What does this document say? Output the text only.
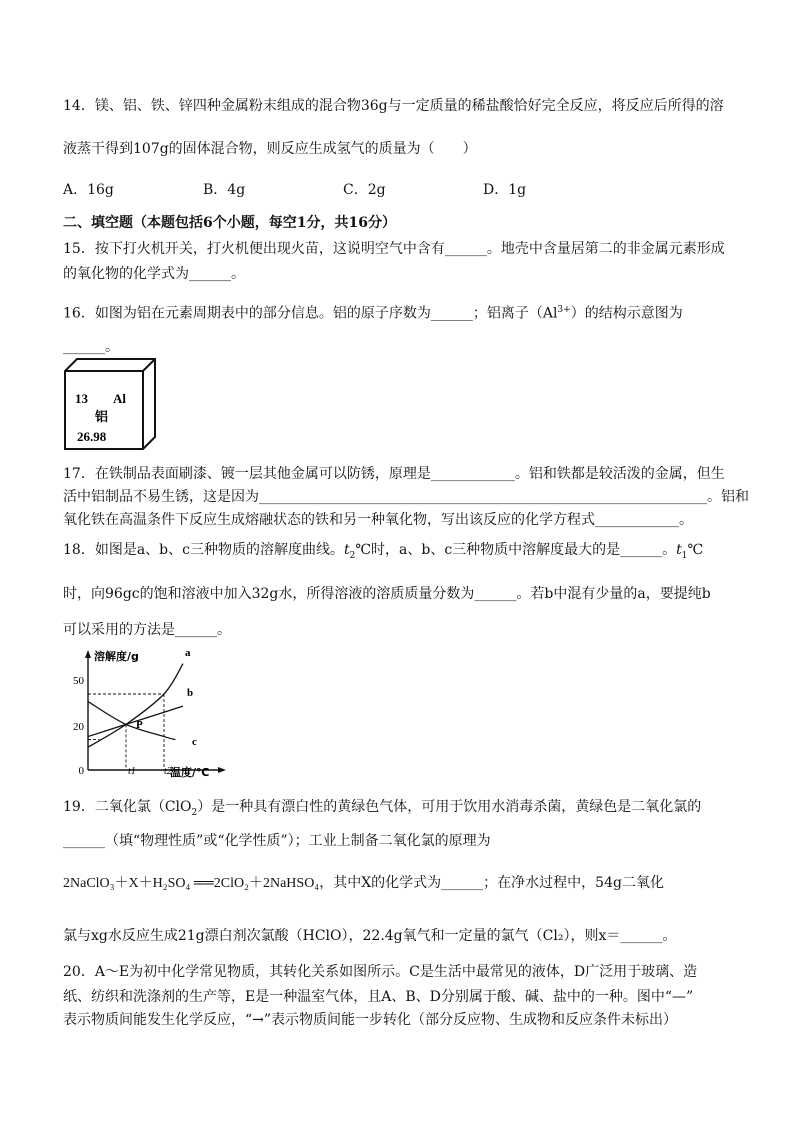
14．镁、铝、铁、锌四种金属粉末组成的混合物36g与一定质量的稀盐酸恰好完全反应，将反应后所得的溶
液蒸干得到107g的固体混合物，则反应生成氢气的质量为（　　）
A．16g	B．4g	C．2g	D．1g
二、填空题（本题包括6个小题，每空1分，共16分）
15．按下打火机开关，打火机便出现火苗，这说明空气中含有______。地壳中含量居第二的非金属元素形成
的氧化物的化学式为______。
16．如图为铝在元素周期表中的部分信息。铝的原子序数为______；铝离子$(Al^{3+})$的结构示意图为
______。
13 Al
铝
26.98
17．在铁制品表面刷漆、镀一层其他金属可以防锈，原理是____________。铝和铁都是较活泼的金属，但生
活中铝制品不易生锈，这是因为________________________________________________________________。铝和
氧化铁在高温条件下反应生成熔融状态的铁和另一种氧化物，写出该反应的化学方程式____________。
18．如图是a、b、c三种物质的溶解度曲线。$t_2℃$时，a、b、c三种物质中溶解度最大的是______。$t_1℃$
时，向96gc的饱和溶液中加入32g水，所得溶液的溶质质量分数为______。若b中混有少量的a，要提纯b
可以采用的方法是______。
溶解度/g
温度/℃
0
50
20
t1	t2
P
a
b
c
19．二氧化氯（ClO$_2$）是一种具有漂白性的黄绿色气体，可用于饮用水消毒杀菌，黄绿色是二氧化氯的
______（填“物理性质”或“化学性质”）；工业上制备二氧化氯的原理为
2NaClO₃＋X＋H₂SO₄ ══2ClO₂＋2NaHSO₄，其中X的化学式为______；在净水过程中，54g二氧化
氯与xg水反应生成21g漂白剂次氯酸（HClO），22.4g氧气和一定量的氯气（Cl₂），则x＝______。
20．A～E为初中化学常见物质，其转化关系如图所示。C是生活中最常见的液体，D广泛用于玻璃、造
纸、纺织和洗涤剂的生产等，E是一种温室气体，且A、B、D分别属于酸、碱、盐中的一种。图中“—”
表示物质间能发生化学反应，“→”表示物质间能一步转化（部分反应物、生成物和反应条件未标出）
